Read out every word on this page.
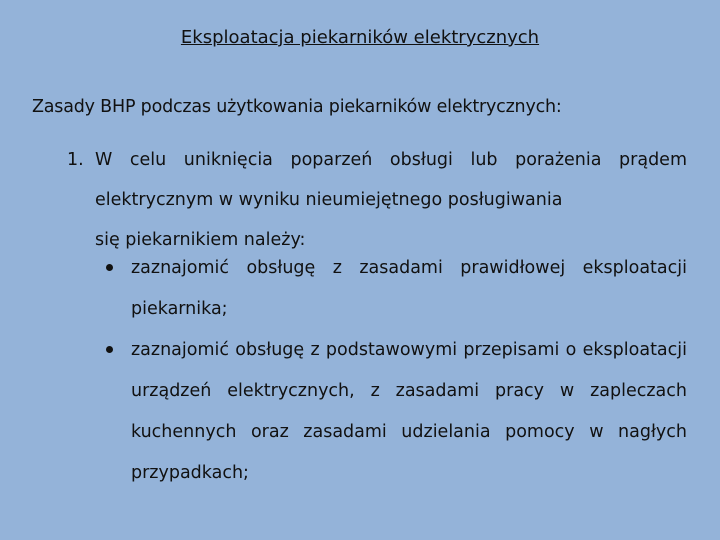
Eksploatacja piekarników elektrycznych
Zasady BHP podczas użytkowania piekarników elektrycznych:
1. W celu uniknięcia poparzeń obsługi lub porażenia prądem
elektrycznym w wyniku nieumiejętnego posługiwania
się piekarnikiem należy:
zaznajomić obsługę z zasadami prawidłowej eksploatacji
piekarnika;
zaznajomić obsługę z podstawowymi przepisami o eksploatacji
urządzeń elektrycznych, z zasadami pracy w zapleczach
kuchennych oraz zasadami udzielania pomocy w nagłych
przypadkach;
